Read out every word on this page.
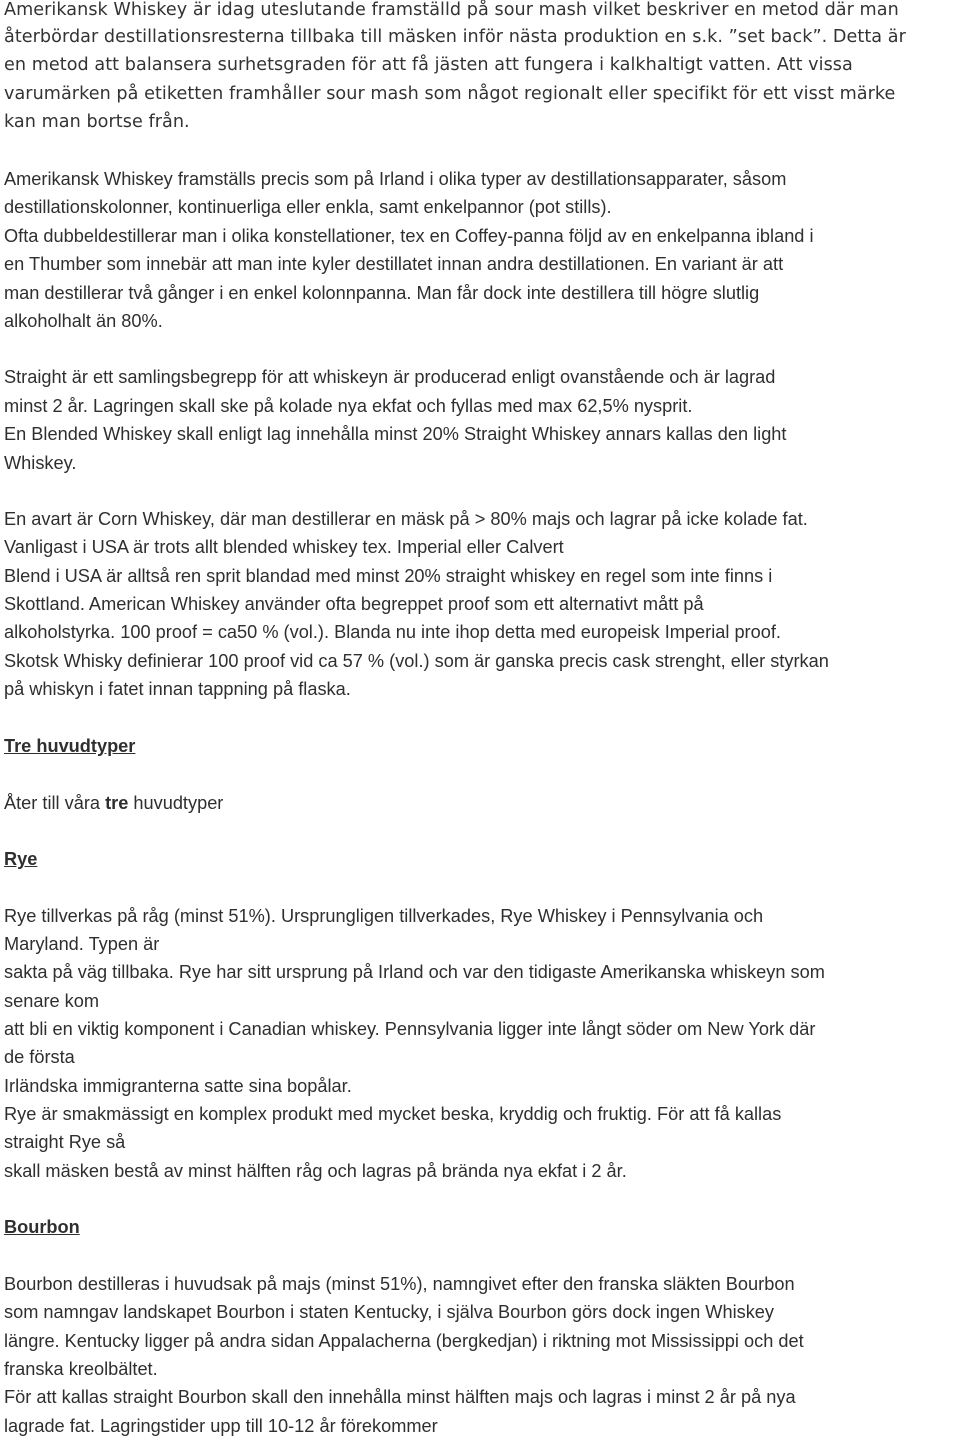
Amerikansk Whiskey är idag uteslutande framställd på sour mash vilket beskriver en metod där man
återbördar destillationsresterna tillbaka till mäsken inför nästa produktion en s.k. ”set back”. Detta är
en metod att balansera surhetsgraden för att få jästen att fungera i kalkhaltigt vatten. Att vissa
varumärken på etiketten framhåller sour mash som något regionalt eller specifikt för ett visst märke
kan man bortse från.
Amerikansk Whiskey framställs precis som på Irland i olika typer av destillationsapparater, såsom
destillationskolonner, kontinuerliga eller enkla, samt enkelpannor (pot stills).
Ofta dubbeldestillerar man i olika konstellationer, tex en Coffey-panna följd av en enkelpanna ibland i
en Thumber som innebär att man inte kyler destillatet innan andra destillationen. En variant är att
man destillerar två gånger i en enkel kolonnpanna. Man får dock inte destillera till högre slutlig
alkoholhalt än 80%.
Straight är ett samlingsbegrepp för att whiskeyn är producerad enligt ovanstående och är lagrad
minst 2 år. Lagringen skall ske på kolade nya ekfat och fyllas med max 62,5% nysprit.
En Blended Whiskey skall enligt lag innehålla minst 20% Straight Whiskey annars kallas den light
Whiskey.
En avart är Corn Whiskey, där man destillerar en mäsk på > 80% majs och lagrar på icke kolade fat.
Vanligast i USA är trots allt blended whiskey tex. Imperial eller Calvert
Blend i USA är alltså ren sprit blandad med minst 20% straight whiskey en regel som inte finns i
Skottland. American Whiskey använder ofta begreppet proof som ett alternativt mått på
alkoholstyrka. 100 proof = ca50 % (vol.). Blanda nu inte ihop detta med europeisk Imperial proof.
Skotsk Whisky definierar 100 proof vid ca 57 % (vol.) som är ganska precis cask strenght, eller styrkan
på whiskyn i fatet innan tappning på flaska.
Tre huvudtyper
Åter till våra tre huvudtyper
Rye
Rye tillverkas på råg (minst 51%). Ursprungligen tillverkades, Rye Whiskey i Pennsylvania och
Maryland. Typen är
sakta på väg tillbaka. Rye har sitt ursprung på Irland och var den tidigaste Amerikanska whiskeyn som
senare kom
att bli en viktig komponent i Canadian whiskey. Pennsylvania ligger inte långt söder om New York där
de första
Irländska immigranterna satte sina bopålar.
Rye är smakmässigt en komplex produkt med mycket beska, kryddig och fruktig. För att få kallas
straight Rye så
skall mäsken bestå av minst hälften råg och lagras på brända nya ekfat i 2 år.
Bourbon
Bourbon destilleras i huvudsak på majs (minst 51%), namngivet efter den franska släkten Bourbon
som namngav landskapet Bourbon i staten Kentucky, i själva Bourbon görs dock ingen Whiskey
längre. Kentucky ligger på andra sidan Appalacherna (bergkedjan) i riktning mot Mississippi och det
franska kreolbältet.
För att kallas straight Bourbon skall den innehålla minst hälften majs och lagras i minst 2 år på nya
lagrade fat. Lagringstider upp till 10-12 år förekommer
